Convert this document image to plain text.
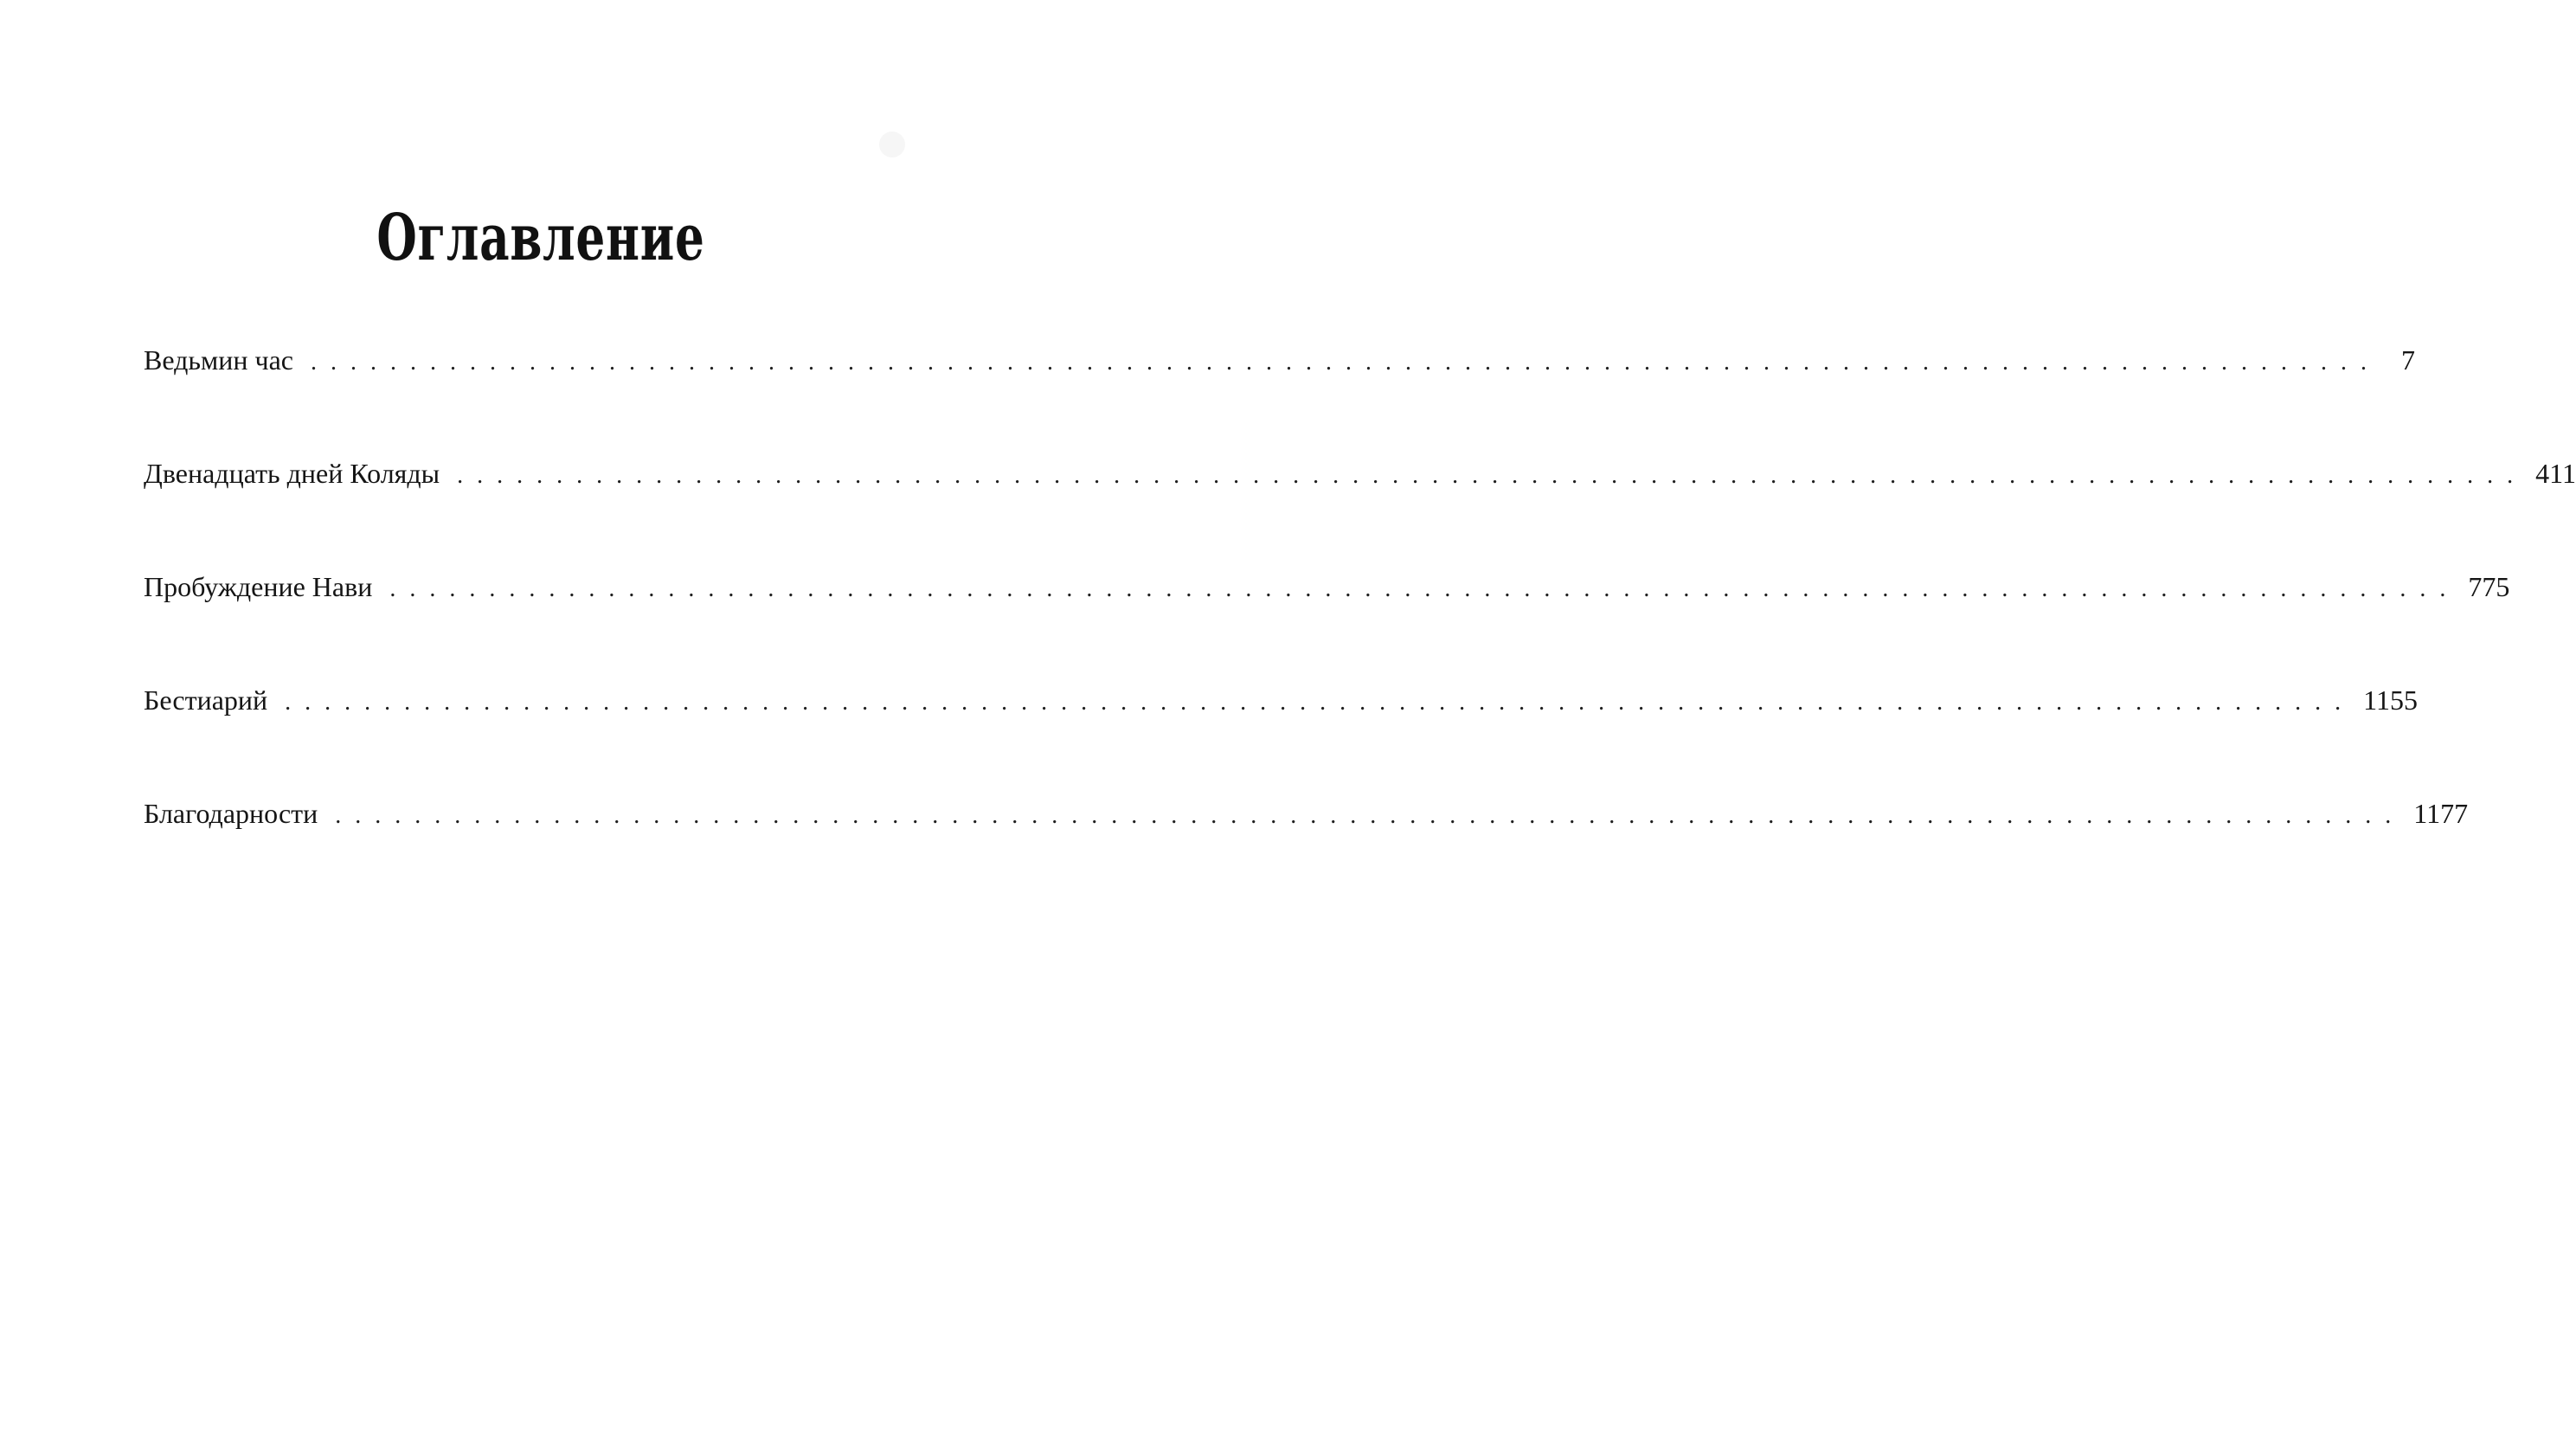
Оглавление
Ведьмин час ........................................................................................................ 7
Двенадцать дней Коляды ........................................................................................................ 411
Пробуждение Нави ........................................................................................................ 775
Бестиарий ........................................................................................................ 1155
Благодарности ........................................................................................................ 1177
